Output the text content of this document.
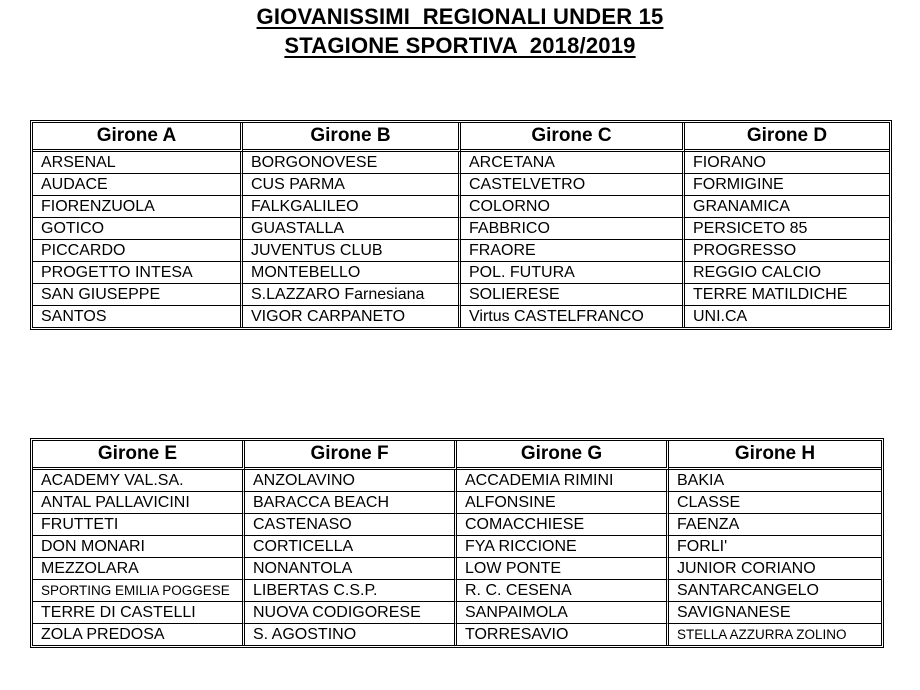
GIOVANISSIMI  REGIONALI UNDER 15
STAGIONE SPORTIVA  2018/2019
Girone A	Girone B	Girone C	Girone D
ARSENAL	BORGONOVESE	ARCETANA	FIORANO
AUDACE	CUS PARMA	CASTELVETRO	FORMIGINE
FIORENZUOLA	FALKGALILEO	COLORNO	GRANAMICA
GOTICO	GUASTALLA	FABBRICO	PERSICETO 85
PICCARDO	JUVENTUS CLUB	FRAORE	PROGRESSO
PROGETTO INTESA	MONTEBELLO	POL. FUTURA	REGGIO CALCIO
SAN GIUSEPPE	S.LAZZARO Farnesiana	SOLIERESE	TERRE MATILDICHE
SANTOS	VIGOR CARPANETO	Virtus CASTELFRANCO	UNI.CA
Girone E	Girone F	Girone G	Girone H
ACADEMY VAL.SA.	ANZOLAVINO	ACCADEMIA RIMINI	BAKIA
ANTAL PALLAVICINI	BARACCA BEACH	ALFONSINE	CLASSE
FRUTTETI	CASTENASO	COMACCHIESE	FAENZA
DON MONARI	CORTICELLA	FYA RICCIONE	FORLI'
MEZZOLARA	NONANTOLA	LOW PONTE	JUNIOR CORIANO
SPORTING EMILIA POGGESE	LIBERTAS C.S.P.	R. C. CESENA	SANTARCANGELO
TERRE DI CASTELLI	NUOVA CODIGORESE	SANPAIMOLA	SAVIGNANESE
ZOLA PREDOSA	S. AGOSTINO	TORRESAVIO	STELLA AZZURRA ZOLINO
